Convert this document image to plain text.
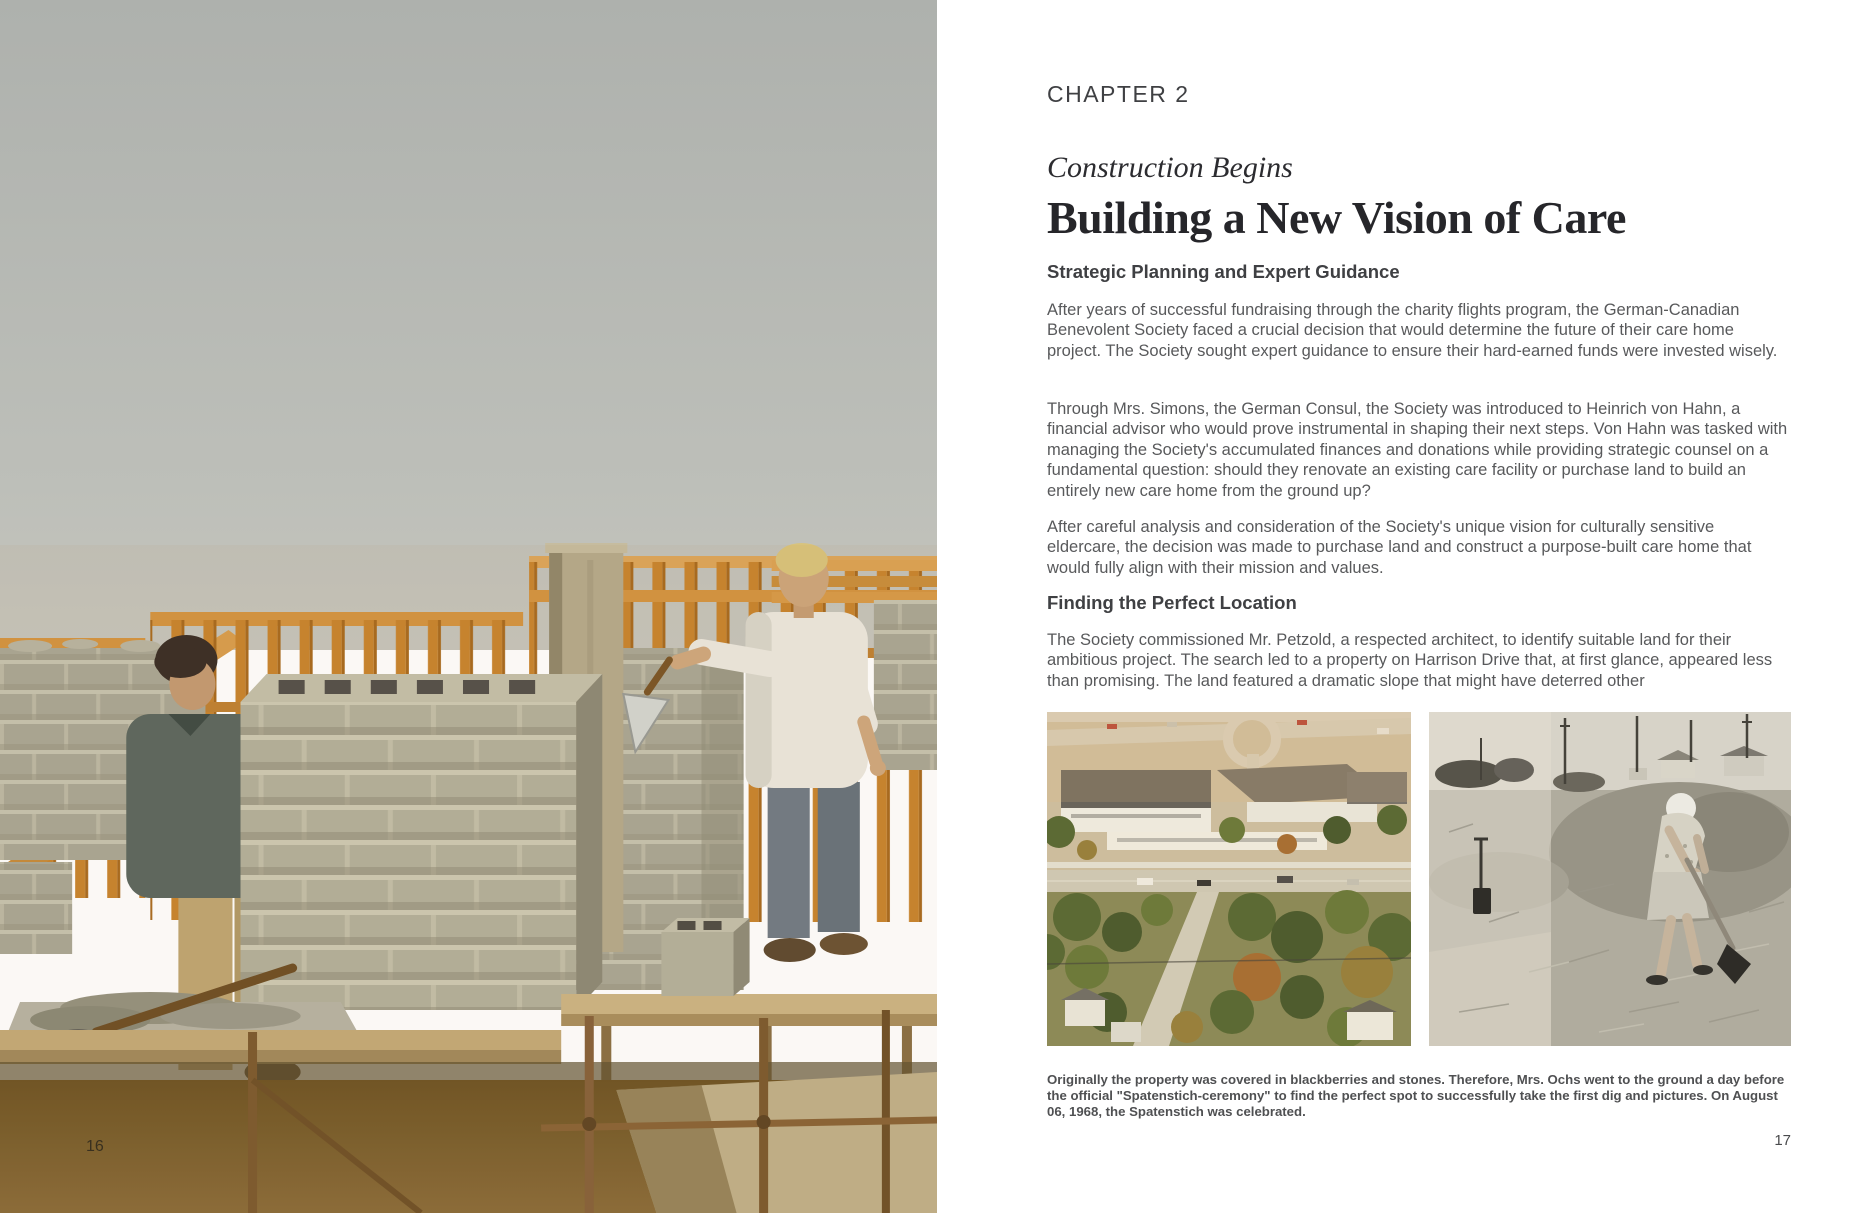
16
CHAPTER 2
Construction Begins
Building a New Vision of Care
Strategic Planning and Expert Guidance

After years of successful fundraising through the charity flights program, the German-Canadian Benevolent Society faced a crucial decision that would determine the future of their care home project. The Society sought expert guidance to ensure their hard-earned funds were invested wisely.

Through Mrs. Simons, the German Consul, the Society was introduced to Heinrich von Hahn, a financial advisor who would prove instrumental in shaping their next steps. Von Hahn was tasked with managing the Society's accumulated finances and donations while providing strategic counsel on a fundamental question: should they renovate an existing care facility or purchase land to build an entirely new care home from the ground up?

After careful analysis and consideration of the Society's unique vision for culturally sensitive eldercare, the decision was made to purchase land and construct a purpose-built care home that would fully align with their mission and values.

Finding the Perfect Location

The Society commissioned Mr. Petzold, a respected architect, to identify suitable land for their ambitious project. The search led to a property on Harrison Drive that, at first glance, appeared less than promising. The land featured a dramatic slope that might have deterred other

Originally the property was covered in blackberries and stones. Therefore, Mrs. Ochs went to the ground a day before the official "Spatenstich-ceremony" to find the perfect spot to successfully take the first dig and pictures. On August 06, 1968, the Spatenstich was celebrated.

17
